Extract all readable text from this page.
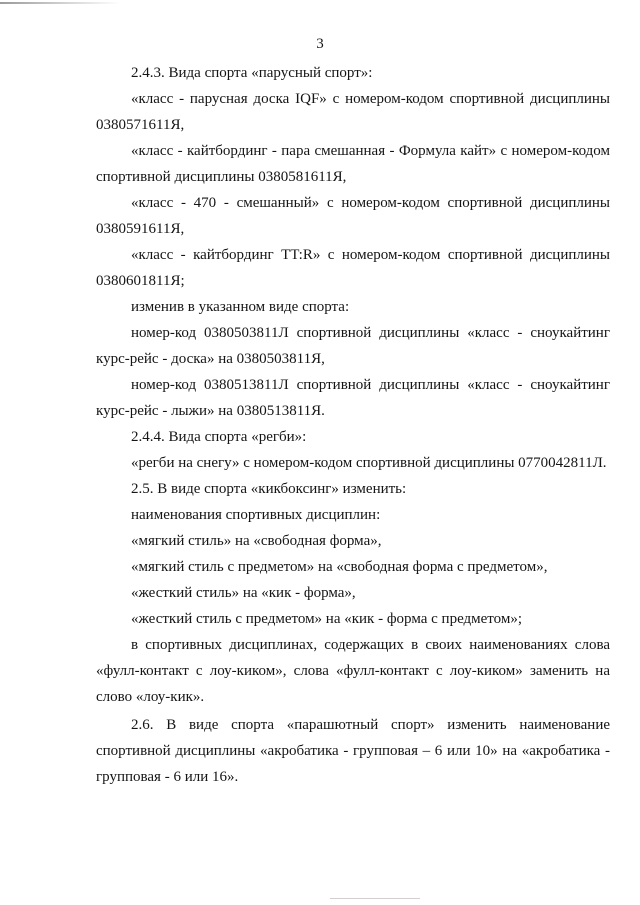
3

2.4.3. Вида спорта «парусный спорт»:

«класс - парусная доска IQF» с номером-кодом спортивной дисциплины 0380571611Я,

«класс - кайтбординг - пара смешанная - Формула кайт» с номером-кодом спортивной дисциплины 0380581611Я,

«класс - 470 - смешанный» с номером-кодом спортивной дисциплины 0380591611Я,

«класс - кайтбординг TT:R» с номером-кодом спортивной дисциплины 0380601811Я;

изменив в указанном виде спорта:

номер-код 0380503811Л спортивной дисциплины «класс - сноукайтинг курс-рейс - доска» на 0380503811Я,

номер-код 0380513811Л спортивной дисциплины «класс - сноукайтинг курс-рейс - лыжи» на 0380513811Я.

2.4.4. Вида спорта «регби»:

«регби на снегу» с номером-кодом спортивной дисциплины 0770042811Л.

2.5. В виде спорта «кикбоксинг» изменить:

наименования спортивных дисциплин:

«мягкий стиль» на «свободная форма»,

«мягкий стиль с предметом» на «свободная форма с предметом»,

«жесткий стиль» на «кик - форма»,

«жесткий стиль с предметом» на «кик - форма с предметом»;

в спортивных дисциплинах, содержащих в своих наименованиях слова «фулл-контакт с лоу-киком», слова «фулл-контакт с лоу-киком» заменить на слово «лоу-кик».

2.6. В виде спорта «парашютный спорт» изменить наименование спортивной дисциплины «акробатика - групповая – 6 или 10» на «акробатика - групповая - 6 или 16».
